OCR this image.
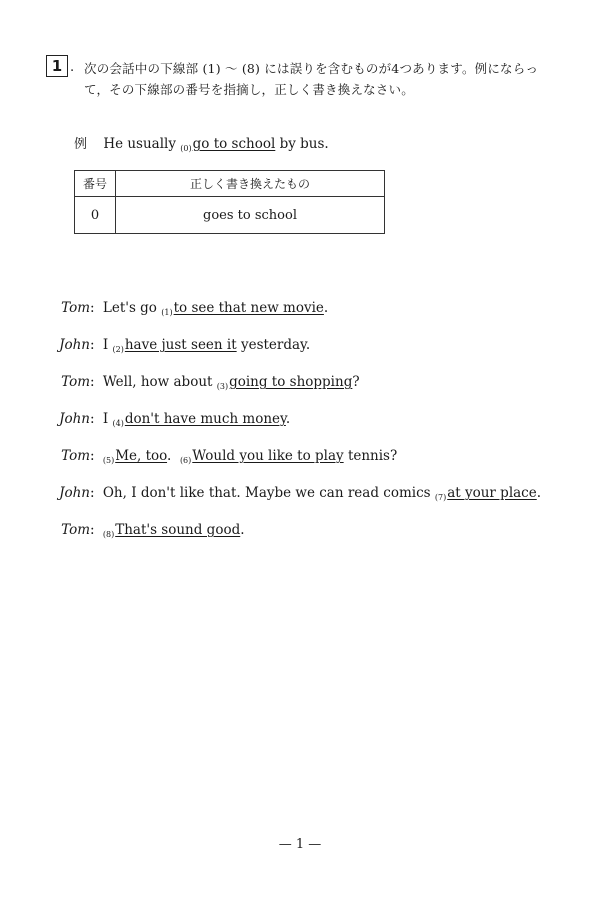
1 . 次の会話中の下線部 (1) ～ (8) には誤りを含むものが4つあります。例にならっ
て，その下線部の番号を指摘し，正しく書き換えなさい。
例 He usually $_{(0)}$go to school by bus.
番号	正しく書き換えたもの
0	goes to school
Tom: Let's go $_{(1)}$to see that new movie.
John: I $_{(2)}$have just seen it yesterday.
Tom: Well, how about $_{(3)}$going to shopping?
John: I $_{(4)}$don't have much money.
Tom: $_{(5)}$Me, too. $_{(6)}$Would you like to play tennis?
John: Oh, I don't like that. Maybe we can read comics $_{(7)}$at your place.
Tom: $_{(8)}$That's sound good.
— 1 —
